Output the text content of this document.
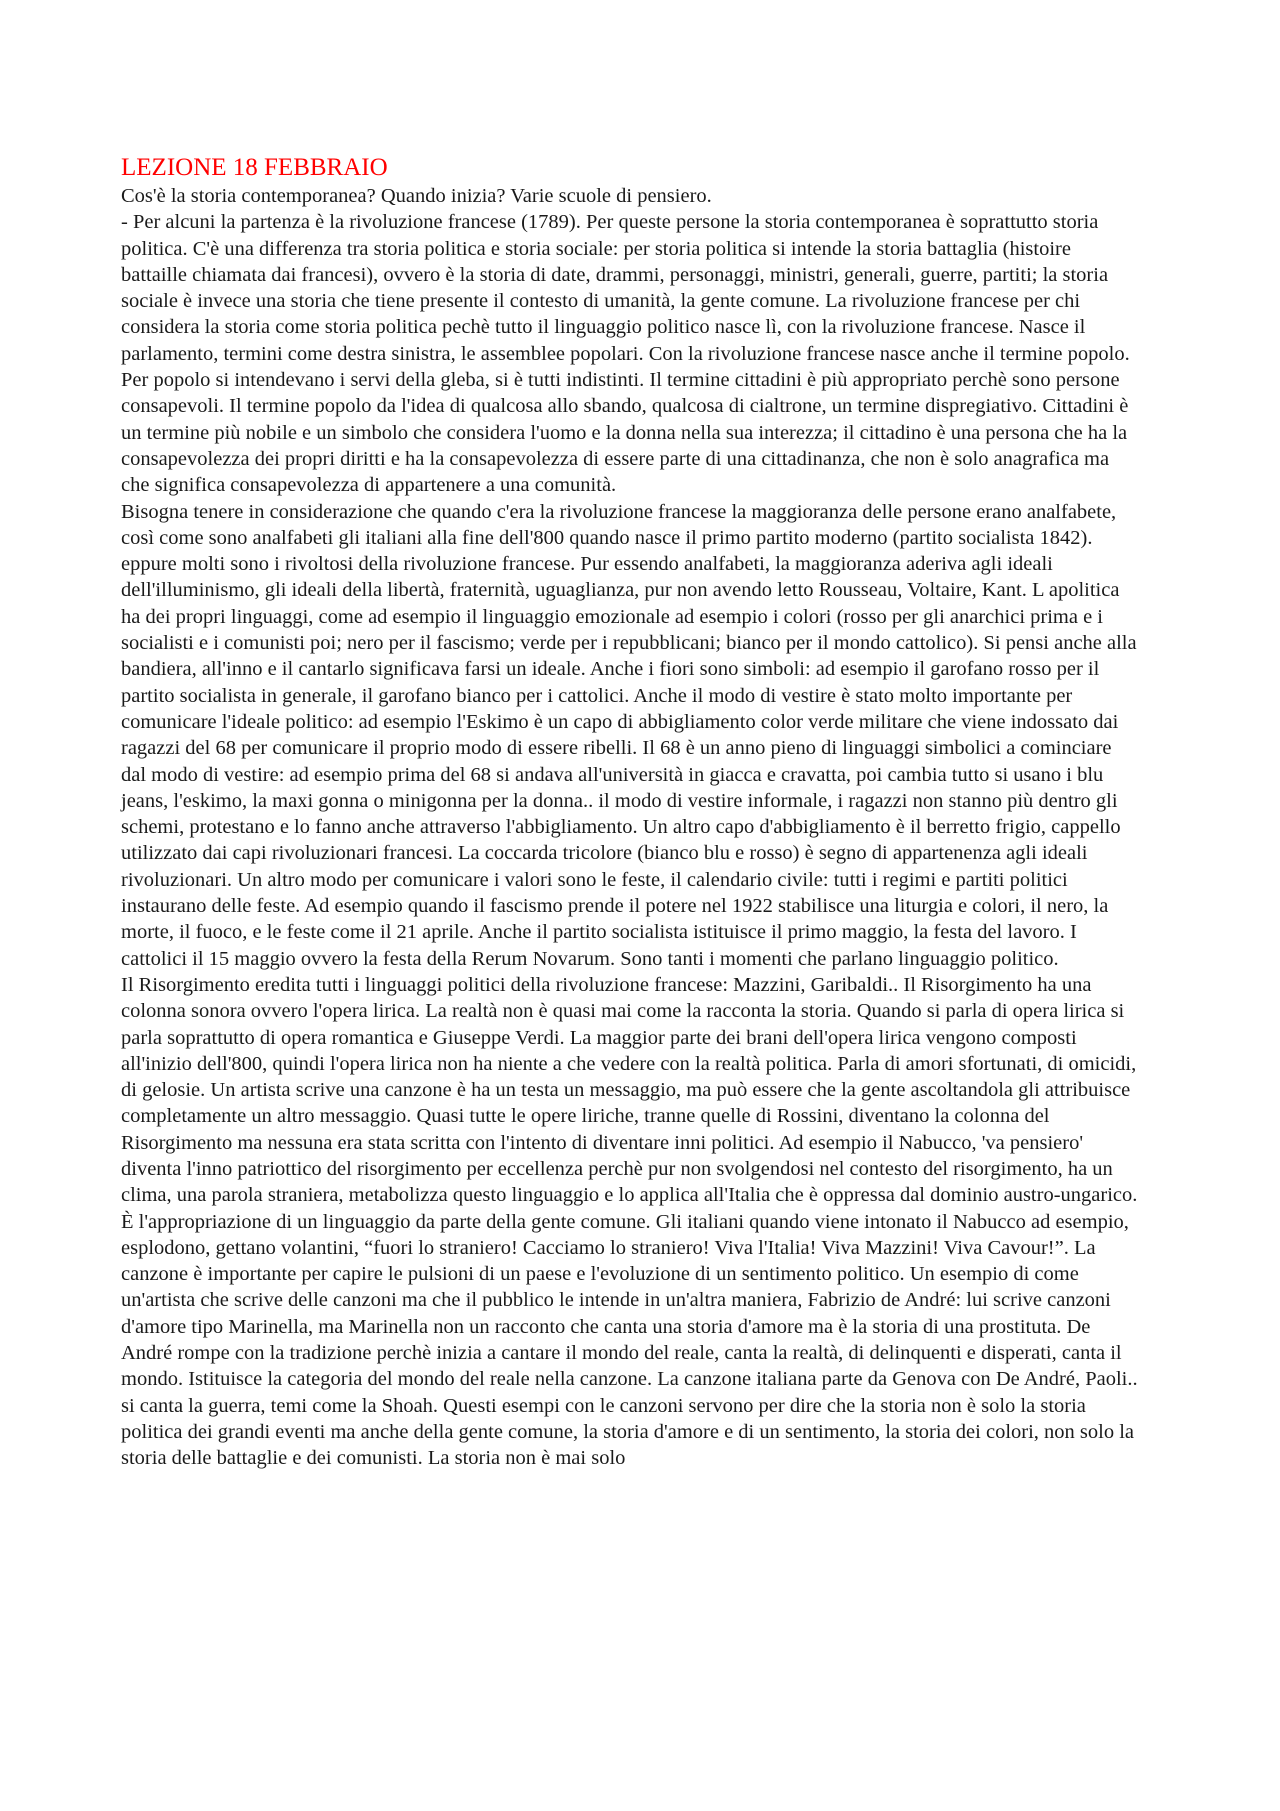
LEZIONE 18 FEBBRAIO

Cos'è la storia contemporanea? Quando inizia? Varie scuole di pensiero.

- Per alcuni la partenza è la rivoluzione francese (1789). Per queste persone la storia contemporanea è soprattutto storia politica. C'è una differenza tra storia politica e storia sociale: per storia politica si intende la storia battaglia (histoire battaille chiamata dai francesi), ovvero è la storia di date, drammi, personaggi, ministri, generali, guerre, partiti; la storia sociale è invece una storia che tiene presente il contesto di umanità, la gente comune. La rivoluzione francese per chi considera la storia come storia politica pechè tutto il linguaggio politico nasce lì, con la rivoluzione francese. Nasce il parlamento, termini come destra sinistra, le assemblee popolari. Con la rivoluzione francese nasce anche il termine popolo. Per popolo si intendevano i servi della gleba, si è tutti indistinti. Il termine cittadini è più appropriato perchè sono persone consapevoli. Il termine popolo da l'idea di qualcosa allo sbando, qualcosa di cialtrone, un termine dispregiativo. Cittadini è un termine più nobile e un simbolo che considera l'uomo e la donna nella sua interezza; il cittadino è una persona che ha la consapevolezza dei propri diritti e ha la consapevolezza di essere parte di una cittadinanza, che non è solo anagrafica ma che significa consapevolezza di appartenere a una comunità.

Bisogna tenere in considerazione che quando c'era la rivoluzione francese la maggioranza delle persone erano analfabete, così come sono analfabeti gli italiani alla fine dell'800 quando nasce il primo partito moderno (partito socialista 1842). eppure molti sono i rivoltosi della rivoluzione francese. Pur essendo analfabeti, la maggioranza aderiva agli ideali dell'illuminismo, gli ideali della libertà, fraternità, uguaglianza, pur non avendo letto Rousseau, Voltaire, Kant. L apolitica ha dei propri linguaggi, come ad esempio il linguaggio emozionale ad esempio i colori (rosso per gli anarchici prima e i socialisti e i comunisti poi; nero per il fascismo; verde per i repubblicani; bianco per il mondo cattolico). Si pensi anche alla bandiera, all'inno e il cantarlo significava farsi un ideale. Anche i fiori sono simboli: ad esempio il garofano rosso per il partito socialista in generale, il garofano bianco per i cattolici. Anche il modo di vestire è stato molto importante per comunicare l'ideale politico: ad esempio l'Eskimo è un capo di abbigliamento color verde militare che viene indossato dai ragazzi del 68 per comunicare il proprio modo di essere ribelli. Il 68 è un anno pieno di linguaggi simbolici a cominciare dal modo di vestire: ad esempio prima del 68 si andava all'università in giacca e cravatta, poi cambia tutto si usano i blu jeans, l'eskimo, la maxi gonna o minigonna per la donna.. il modo di vestire informale, i ragazzi non stanno più dentro gli schemi, protestano e lo fanno anche attraverso l'abbigliamento. Un altro capo d'abbigliamento è il berretto frigio, cappello utilizzato dai capi rivoluzionari francesi. La coccarda tricolore (bianco blu e rosso) è segno di appartenenza agli ideali rivoluzionari. Un altro modo per comunicare i valori sono le feste, il calendario civile: tutti i regimi e partiti politici instaurano delle feste. Ad esempio quando il fascismo prende il potere nel 1922 stabilisce una liturgia e colori, il nero, la morte, il fuoco, e le feste come il 21 aprile. Anche il partito socialista istituisce il primo maggio, la festa del lavoro. I cattolici il 15 maggio ovvero la festa della Rerum Novarum. Sono tanti i momenti che parlano linguaggio politico.

Il Risorgimento eredita tutti i linguaggi politici della rivoluzione francese: Mazzini, Garibaldi.. Il Risorgimento ha una colonna sonora ovvero l'opera lirica. La realtà non è quasi mai come la racconta la storia. Quando si parla di opera lirica si parla soprattutto di opera romantica e Giuseppe Verdi. La maggior parte dei brani dell'opera lirica vengono composti all'inizio dell'800, quindi l'opera lirica non ha niente a che vedere con la realtà politica. Parla di amori sfortunati, di omicidi, di gelosie. Un artista scrive una canzone è ha un testa un messaggio, ma può essere che la gente ascoltandola gli attribuisce completamente un altro messaggio. Quasi tutte le opere liriche, tranne quelle di Rossini, diventano la colonna del Risorgimento ma nessuna era stata scritta con l'intento di diventare inni politici. Ad esempio il Nabucco, 'va pensiero' diventa l'inno patriottico del risorgimento per eccellenza perchè pur non svolgendosi nel contesto del risorgimento, ha un clima, una parola straniera, metabolizza questo linguaggio e lo applica all'Italia che è oppressa dal dominio austro-ungarico. È l'appropriazione di un linguaggio da parte della gente comune. Gli italiani quando viene intonato il Nabucco ad esempio, esplodono, gettano volantini, “fuori lo straniero! Cacciamo lo straniero! Viva l'Italia! Viva Mazzini! Viva Cavour!”. La canzone è importante per capire le pulsioni di un paese e l'evoluzione di un sentimento politico. Un esempio di come un'artista che scrive delle canzoni ma che il pubblico le intende in un'altra maniera, Fabrizio de André: lui scrive canzoni d'amore tipo Marinella, ma Marinella non un racconto che canta una storia d'amore ma è la storia di una prostituta. De André rompe con la tradizione perchè inizia a cantare il mondo del reale, canta la realtà, di delinquenti e disperati, canta il mondo. Istituisce la categoria del mondo del reale nella canzone. La canzone italiana parte da Genova con De André, Paoli.. si canta la guerra, temi come la Shoah. Questi esempi con le canzoni servono per dire che la storia non è solo la storia politica dei grandi eventi ma anche della gente comune, la storia d'amore e di un sentimento, la storia dei colori, non solo la storia delle battaglie e dei comunisti. La storia non è mai solo
